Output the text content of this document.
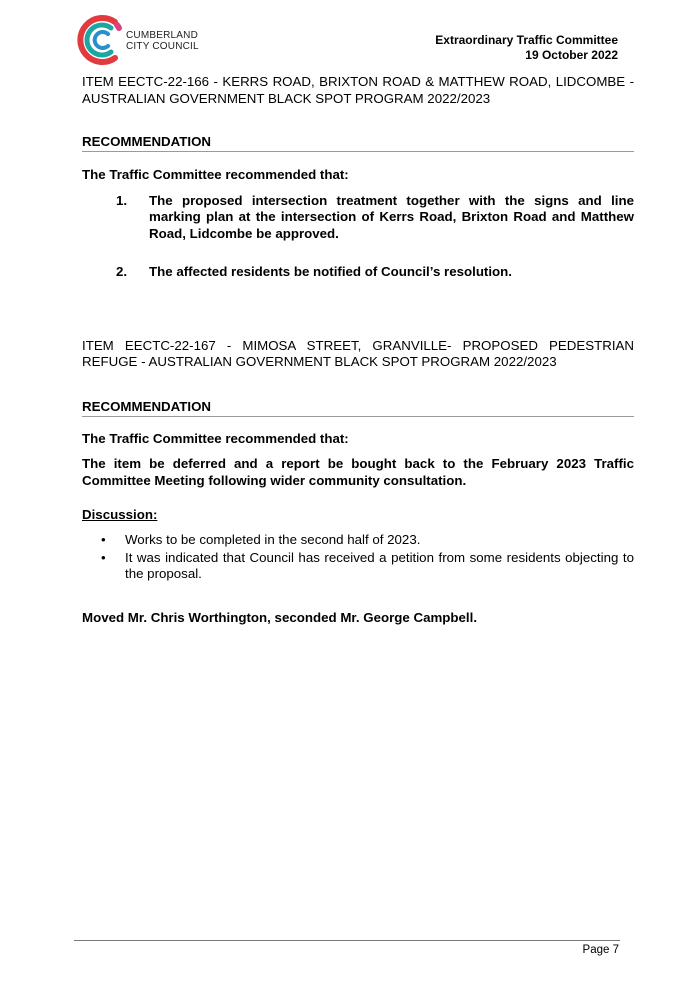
CUMBERLAND
CITY COUNCIL	Extraordinary Traffic Committee
19 October 2022

ITEM EECTC-22-166 - KERRS ROAD, BRIXTON ROAD & MATTHEW ROAD, LIDCOMBE - AUSTRALIAN GOVERNMENT BLACK SPOT PROGRAM 2022/2023

RECOMMENDATION
The Traffic Committee recommended that:
1. The proposed intersection treatment together with the signs and line marking plan at the intersection of Kerrs Road, Brixton Road and Matthew Road, Lidcombe be approved.
2. The affected residents be notified of Council’s resolution.

ITEM EECTC-22-167 - MIMOSA STREET, GRANVILLE- PROPOSED PEDESTRIAN REFUGE - AUSTRALIAN GOVERNMENT BLACK SPOT PROGRAM 2022/2023

RECOMMENDATION
The Traffic Committee recommended that:
The item be deferred and a report be bought back to the February 2023 Traffic Committee Meeting following wider community consultation.
Discussion:
• Works to be completed in the second half of 2023.
• It was indicated that Council has received a petition from some residents objecting to the proposal.
Moved Mr. Chris Worthington, seconded Mr. George Campbell.
Page 7
